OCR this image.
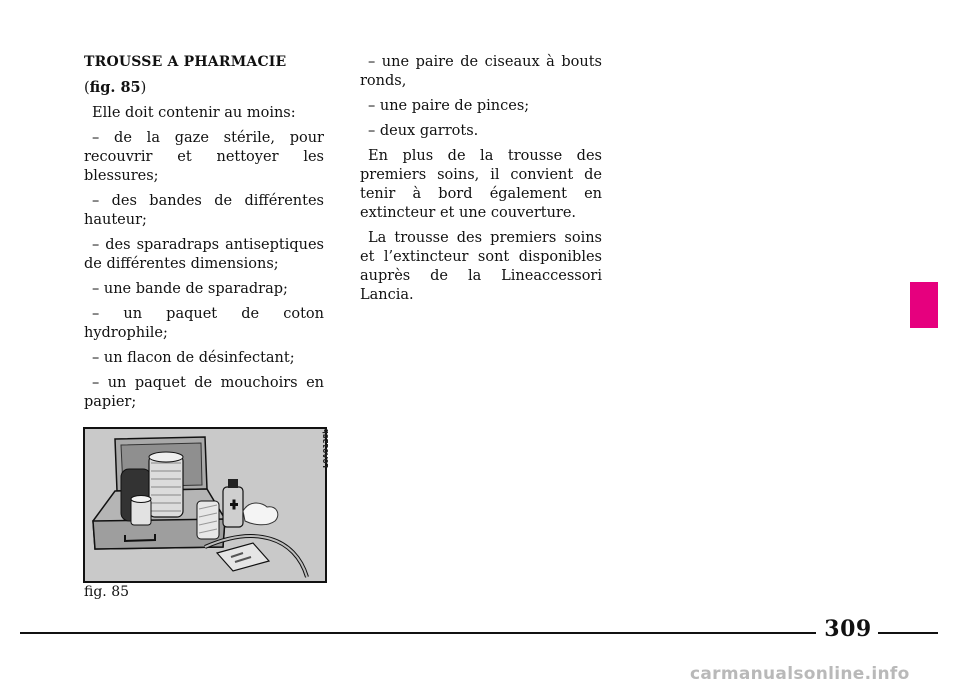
TROUSSE A PHARMACIE

(fig. 85)

Elle doit contenir au moins:

– de la gaze stérile, pour recouvrir et nettoyer les blessures;

– des bandes de différentes hauteur;

– des sparadraps antiseptiques de différentes dimensions;

– une bande de sparadrap;

– un paquet de coton hydrophile;

– un flacon de désinfectant;

– un paquet de mouchoirs en papier;

– une paire de ciseaux à bouts ronds,

– une paire de pinces;

– deux garrots.

En plus de la trousse des premiers soins, il convient de tenir à bord également en extincteur et une couverture.

La trousse des premiers soins et l’extincteur sont disponibles auprès de la Lineaccessori Lancia.

L0A0128b
fig. 85
309
carmanualsonline.info
